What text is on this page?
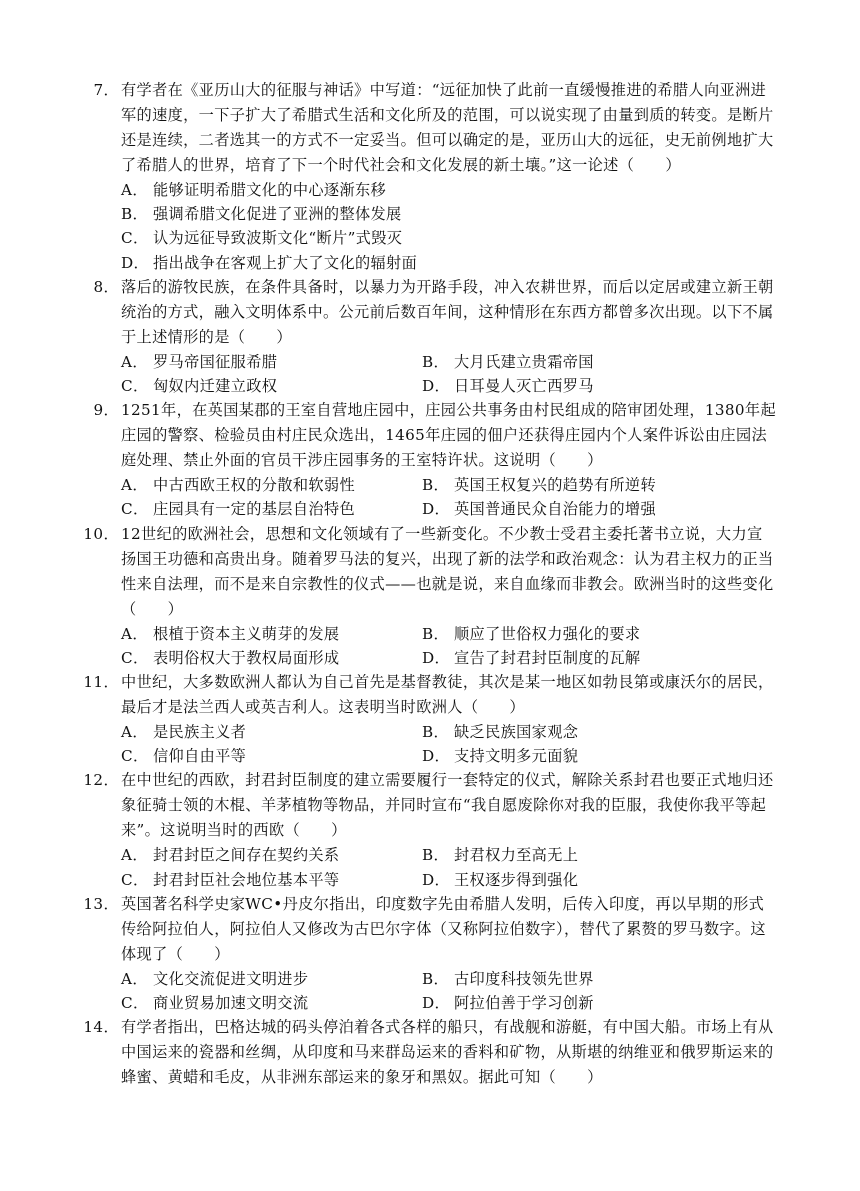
7． 有学者在《亚历山大的征服与神话》中写道：“远征加快了此前一直缓慢推进的希腊人向亚洲进军的速度，一下子扩大了希腊式生活和文化所及的范围，可以说实现了由量到质的转变。是断片还是连续，二者选其一的方式不一定妥当。但可以确定的是，亚历山大的远征，史无前例地扩大了希腊人的世界，培育了下一个时代社会和文化发展的新土壤。”这一论述（　　）
A． 能够证明希腊文化的中心逐渐东移
B． 强调希腊文化促进了亚洲的整体发展
C． 认为远征导致波斯文化“断片”式毁灭
D． 指出战争在客观上扩大了文化的辐射面
8． 落后的游牧民族，在条件具备时，以暴力为开路手段，冲入农耕世界，而后以定居或建立新王朝统治的方式，融入文明体系中。公元前后数百年间，这种情形在东西方都曾多次出现。以下不属于上述情形的是（　　）
A． 罗马帝国征服希腊	B． 大月氏建立贵霜帝国
C． 匈奴内迁建立政权	D． 日耳曼人灭亡西罗马
9． 1251年，在英国某郡的王室自营地庄园中，庄园公共事务由村民组成的陪审团处理，1380年起庄园的警察、检验员由村庄民众选出，1465年庄园的佃户还获得庄园内个人案件诉讼由庄园法庭处理、禁止外面的官员干涉庄园事务的王室特许状。这说明（　　）
A． 中古西欧王权的分散和软弱性	B． 英国王权复兴的趋势有所逆转
C． 庄园具有一定的基层自治特色	D． 英国普通民众自治能力的增强
10． 12世纪的欧洲社会，思想和文化领域有了一些新变化。不少教士受君主委托著书立说，大力宣扬国王功德和高贵出身。随着罗马法的复兴，出现了新的法学和政治观念：认为君主权力的正当性来自法理，而不是来自宗教性的仪式——也就是说，来自血缘而非教会。欧洲当时的这些变化（　　）
A． 根植于资本主义萌芽的发展	B． 顺应了世俗权力强化的要求
C． 表明俗权大于教权局面形成	D． 宣告了封君封臣制度的瓦解
11． 中世纪，大多数欧洲人都认为自己首先是基督教徒，其次是某一地区如勃艮第或康沃尔的居民，最后才是法兰西人或英吉利人。这表明当时欧洲人（　　）
A． 是民族主义者	B． 缺乏民族国家观念
C． 信仰自由平等	D． 支持文明多元面貌
12． 在中世纪的西欧，封君封臣制度的建立需要履行一套特定的仪式，解除关系封君也要正式地归还象征骑士领的木棍、羊茅植物等物品，并同时宣布“我自愿废除你对我的臣服，我使你我平等起来”。这说明当时的西欧（　　）
A． 封君封臣之间存在契约关系	B． 封君权力至高无上
C． 封君封臣社会地位基本平等	D． 王权逐步得到强化
13． 英国著名科学史家WC•丹皮尔指出，印度数字先由希腊人发明，后传入印度，再以早期的形式传给阿拉伯人，阿拉伯人又修改为古巴尔字体（又称阿拉伯数字），替代了累赘的罗马数字。这体现了（　　）
A． 文化交流促进文明进步	B． 古印度科技领先世界
C． 商业贸易加速文明交流	D． 阿拉伯善于学习创新
14． 有学者指出，巴格达城的码头停泊着各式各样的船只，有战舰和游艇，有中国大船。市场上有从中国运来的瓷器和丝绸，从印度和马来群岛运来的香料和矿物，从斯堪的纳维亚和俄罗斯运来的蜂蜜、黄蜡和毛皮，从非洲东部运来的象牙和黑奴。据此可知（　　）
